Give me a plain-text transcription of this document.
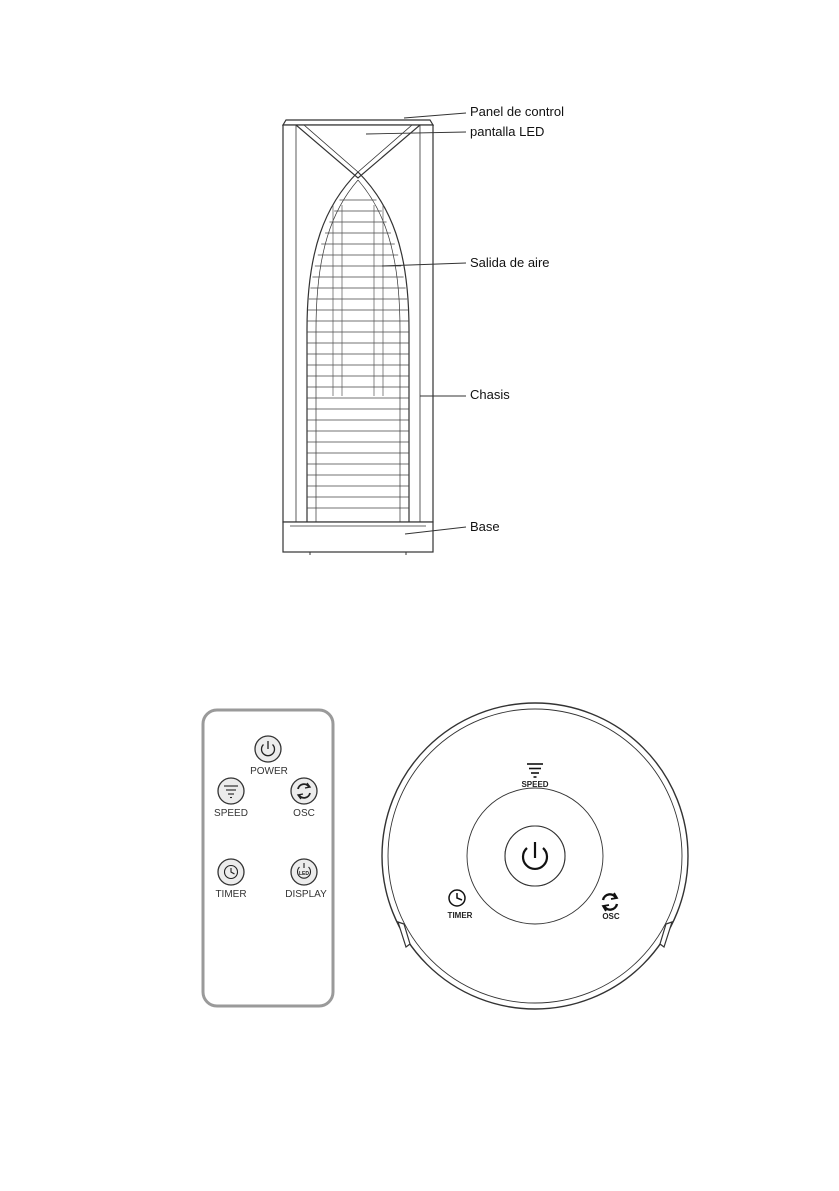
Panel de control
pantalla LED
Salida de aire
Chasis
Base
LED
POWER
SPEED	OSC
TIMER	DISPLAY
SPEED
TIMER	OSC
